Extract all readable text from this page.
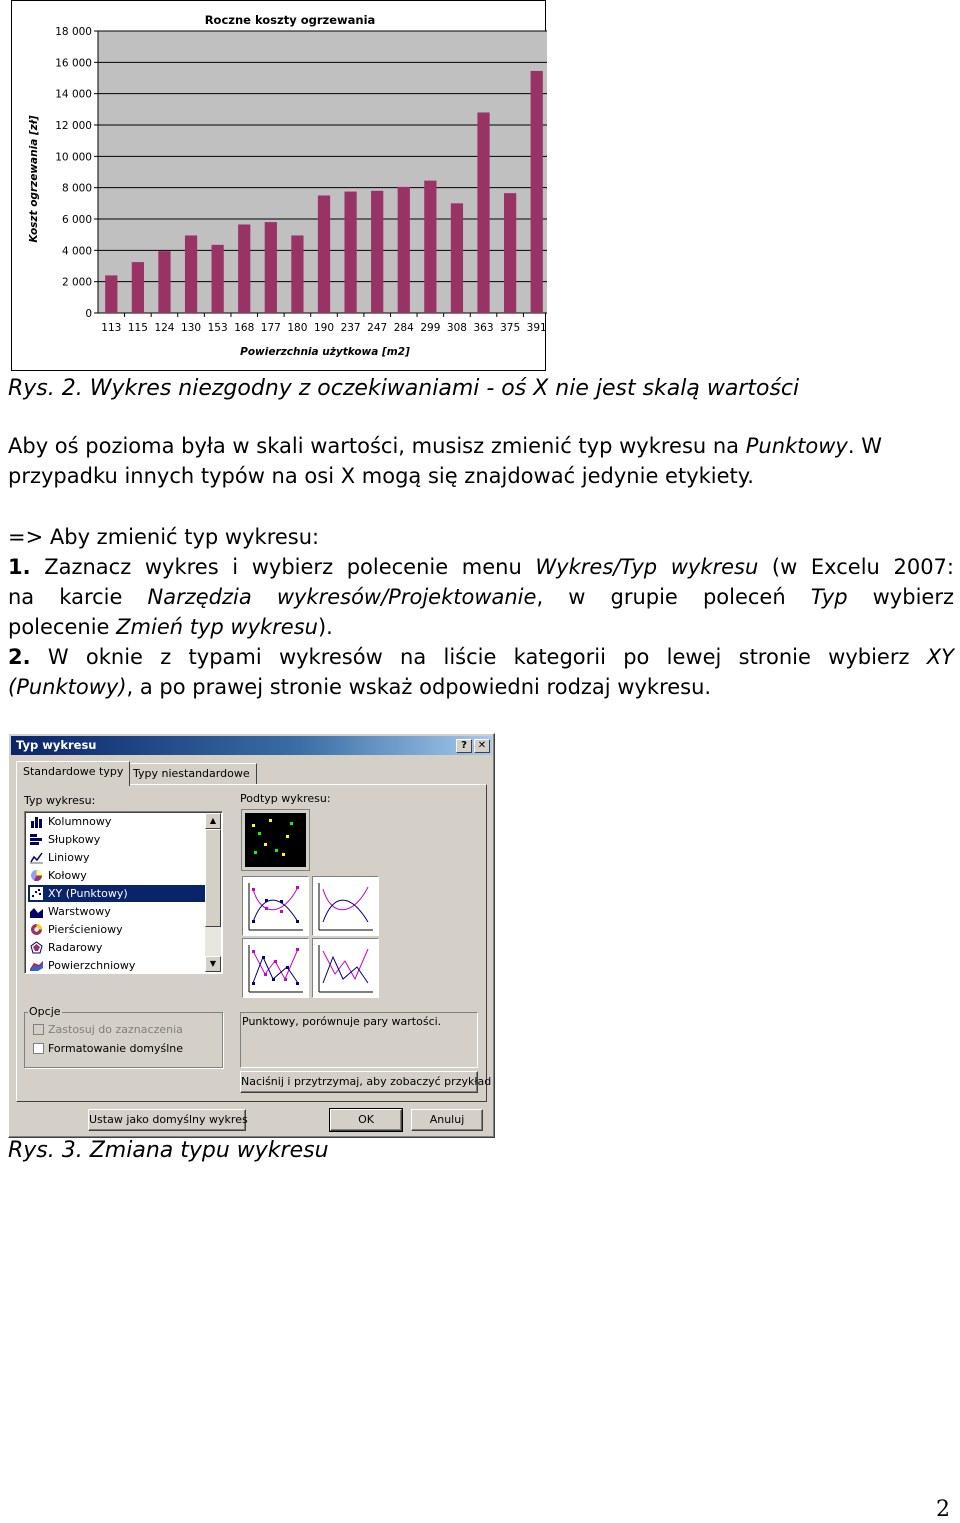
Roczne koszty ogrzewania
0
2 000
4 000
6 000
8 000
10 000
12 000
14 000
16 000
18 000
113 115 124 130 153 168 177 180 190 237 247 284 299 308 363 375 391
Powierzchnia użytkowa [m2]
Koszt ogrzewania [zł]
Rys. 2. Wykres niezgodny z oczekiwaniami - oś X nie jest skalą wartości
Aby oś pozioma była w skali wartości, musisz zmienić typ wykresu na Punktowy. W
przypadku innych typów na osi X mogą się znajdować jedynie etykiety.
=> Aby zmienić typ wykresu:
1. Zaznacz wykres i wybierz polecenie menu Wykres/Typ wykresu (w Excelu 2007:
na karcie Narzędzia wykresów/Projektowanie, w grupie poleceń Typ wybierz
polecenie Zmień typ wykresu).
2. W oknie z typami wykresów na liście kategorii po lewej stronie wybierz XY
(Punktowy), a po prawej stronie wskaż odpowiedni rodzaj wykresu.
Typ wykresu	?	✕
Standardowe typy Typy niestandardowe
Typ wykresu:	Podtyp wykresu:
Kolumnowy
Słupkowy
Liniowy
Kołowy
XY (Punktowy)
Warstwowy
Pierścieniowy
Radarowy
Powierzchniowy
▲
▼
Opcje
Zastosuj do zaznaczenia
Formatowanie domyślne
Punktowy, porównuje pary wartości.
Naciśnij i przytrzymaj, aby zobaczyć przykład
Ustaw jako domyślny wykres	OK	Anuluj
Rys. 3. Zmiana typu wykresu
2
